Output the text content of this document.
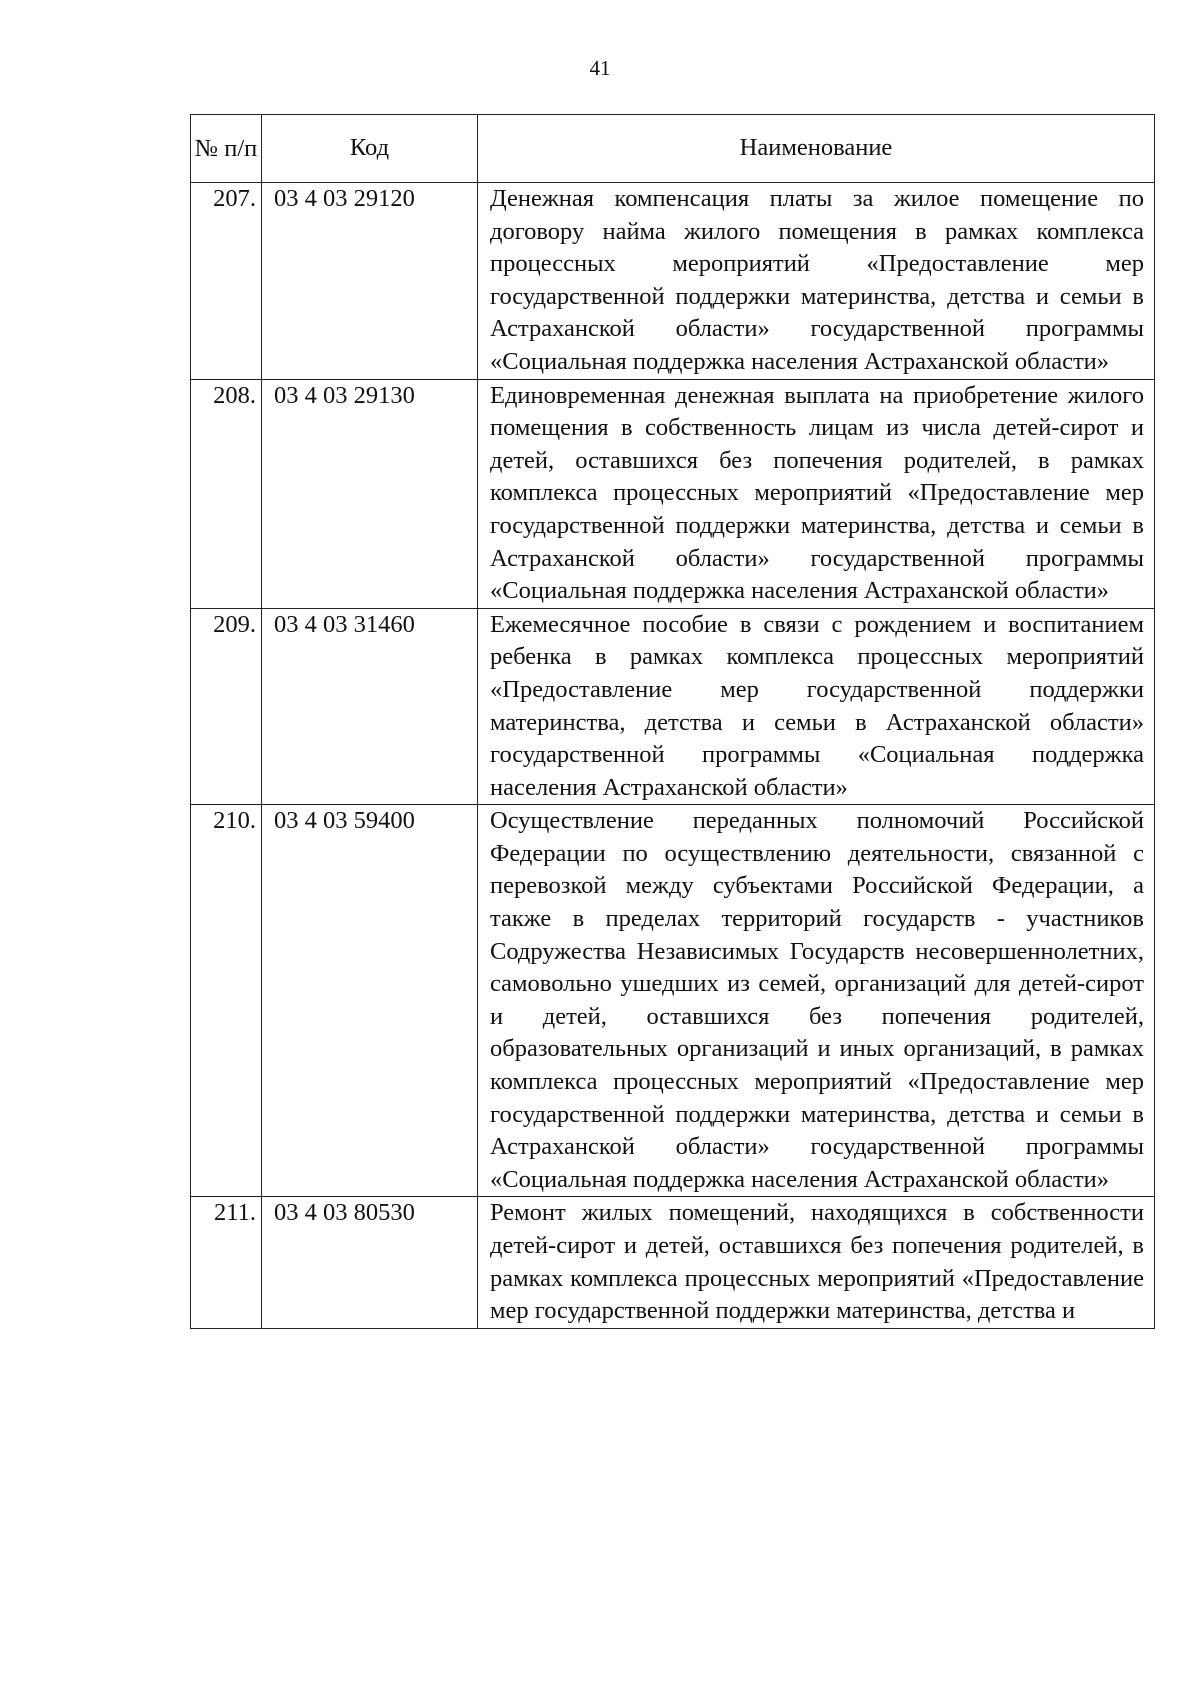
41
№ п/п	Код	Наименование
207.	03 4 03 29120	Денежная компенсация платы за жилое помещение по договору найма жилого помещения в рамках комплекса процессных мероприятий «Предоставление мер государственной поддержки материнства, детства и семьи в Астраханской области» государственной программы «Социальная поддержка населения Астраханской области»
208.	03 4 03 29130	Единовременная денежная выплата на приобретение жилого помещения в собственность лицам из числа детей-сирот и детей, оставшихся без попечения родителей, в рамках комплекса процессных мероприятий «Предоставление мер государственной поддержки материнства, детства и семьи в Астраханской области» государственной программы «Социальная поддержка населения Астраханской области»
209.	03 4 03 31460	Ежемесячное пособие в связи с рождением и воспитанием ребенка в рамках комплекса процессных мероприятий «Предоставление мер государственной поддержки материнства, детства и семьи в Астраханской области» государственной программы «Социальная поддержка населения Астраханской области»
210.	03 4 03 59400	Осуществление переданных полномочий Российской Федерации по осуществлению деятельности, связанной с перевозкой между субъектами Российской Федерации, а также в пределах территорий государств - участников Содружества Независимых Государств несовершеннолетних, самовольно ушедших из семей, организаций для детей-сирот и детей, оставшихся без попечения родителей, образовательных организаций и иных организаций, в рамках комплекса процессных мероприятий «Предоставление мер государственной поддержки материнства, детства и семьи в Астраханской области» государственной программы «Социальная поддержка населения Астраханской области»
211.	03 4 03 80530	Ремонт жилых помещений, находящихся в собственности детей-сирот и детей, оставшихся без попечения родителей, в рамках комплекса процессных мероприятий «Предоставление мер государственной поддержки материнства, детства и
